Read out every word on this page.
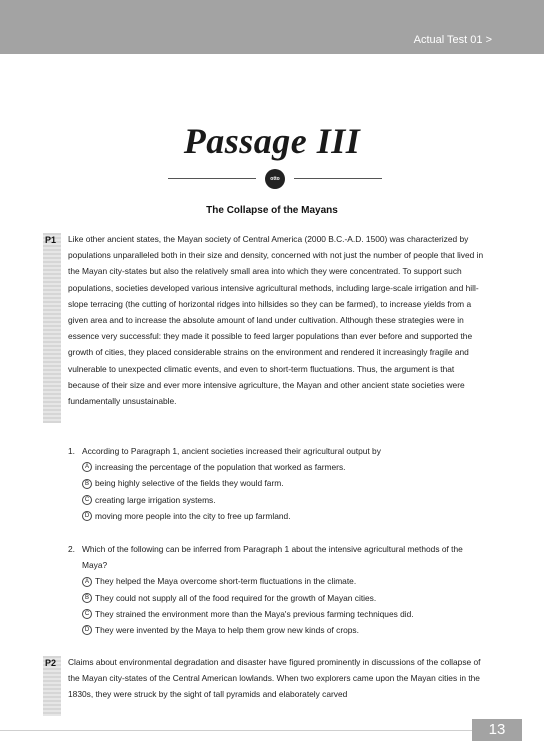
Actual Test 01 >
Passage III
otto
The Collapse of the Mayans
P1	Like other ancient states, the Mayan society of Central America (2000 B.C.-A.D. 1500) was characterized by populations unparalleled both in their size and density, concerned with not just the number of people that lived in the Mayan city-states but also the relatively small area into which they were concentrated. To support such populations, societies developed various intensive agricultural methods, including large-scale irrigation and hill-slope terracing (the cutting of horizontal ridges into hillsides so they can be farmed), to increase yields from a given area and to increase the absolute amount of land under cultivation. Although these strategies were in essence very successful: they made it possible to feed larger populations than ever before and supported the growth of cities, they placed considerable strains on the environment and rendered it increasingly fragile and vulnerable to unexpected climatic events, and even to short-term fluctuations. Thus, the argument is that because of their size and ever more intensive agriculture, the Mayan and other ancient state societies were fundamentally unsustainable.
1. According to Paragraph 1, ancient societies increased their agricultural output by
A increasing the percentage of the population that worked as farmers.
B being highly selective of the fields they would farm.
C creating large irrigation systems.
D moving more people into the city to free up farmland.
2. Which of the following can be inferred from Paragraph 1 about the intensive agricultural methods of the Maya?
A They helped the Maya overcome short-term fluctuations in the climate.
B They could not supply all of the food required for the growth of Mayan cities.
C They strained the environment more than the Maya's previous farming techniques did.
D They were invented by the Maya to help them grow new kinds of crops.
P2	Claims about environmental degradation and disaster have figured prominently in discussions of the collapse of the Mayan city-states of the Central American lowlands. When two explorers came upon the Mayan cities in the 1830s, they were struck by the sight of tall pyramids and elaborately carved
13
